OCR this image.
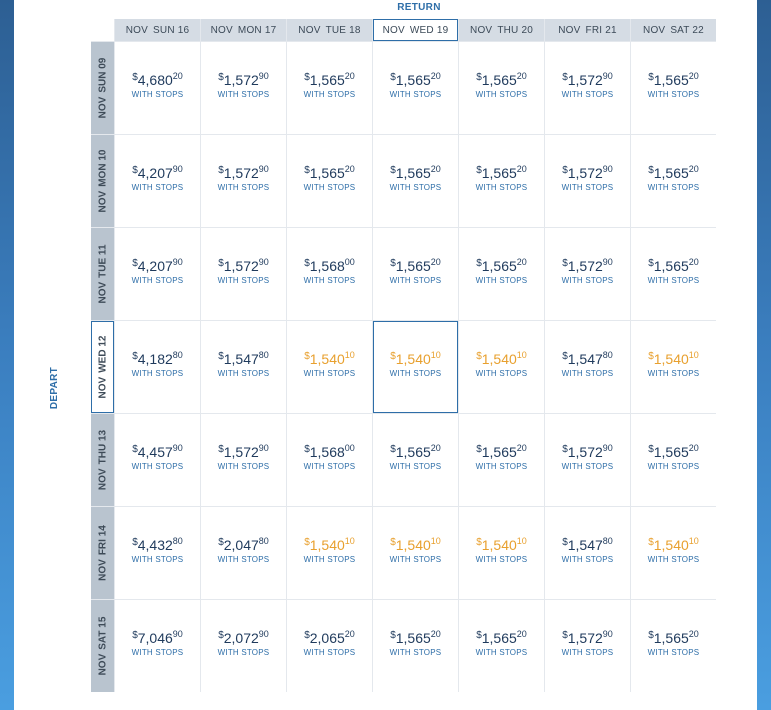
RETURN
DEPART
NOV SUN 16 NOV MON 17 NOV TUE 18 NOV WED 19 NOV THU 20	NOV FRI 21	NOV SAT 22
NOVSUN 09 $4,680$^{20}$
WITH STOPS
$1,572$^{90}$
WITH STOPS
$1,565$^{20}$
WITH STOPS
$1,565$^{20}$
WITH STOPS
$1,565$^{20}$
WITH STOPS
$1,572$^{90}$
WITH STOPS
$1,565$^{20}$
WITH STOPS
NOVMON 10 $4,207$^{90}$
WITH STOPS
$1,572$^{90}$
WITH STOPS
$1,565$^{20}$
WITH STOPS
$1,565$^{20}$
WITH STOPS
$1,565$^{20}$
WITH STOPS
$1,572$^{90}$
WITH STOPS
$1,565$^{20}$
WITH STOPS
NOVTUE 11 $4,207$^{90}$
WITH STOPS
$1,572$^{90}$
WITH STOPS
$1,568$^{00}$
WITH STOPS
$1,565$^{20}$
WITH STOPS
$1,565$^{20}$
WITH STOPS
$1,572$^{90}$
WITH STOPS
$1,565$^{20}$
WITH STOPS
NOVWED 12 $4,182$^{80}$
WITH STOPS
$1,547$^{80}$
WITH STOPS
$1,540$^{10}$
WITH STOPS
$1,540$^{10}$
WITH STOPS
$1,540$^{10}$
WITH STOPS
$1,547$^{80}$
WITH STOPS
$1,540$^{10}$
WITH STOPS
NOVTHU 13 $4,457$^{90}$
WITH STOPS
$1,572$^{90}$
WITH STOPS
$1,568$^{00}$
WITH STOPS
$1,565$^{20}$
WITH STOPS
$1,565$^{20}$
WITH STOPS
$1,572$^{90}$
WITH STOPS
$1,565$^{20}$
WITH STOPS
NOVFRI 14 $4,432$^{80}$
WITH STOPS
$2,047$^{80}$
WITH STOPS
$1,540$^{10}$
WITH STOPS
$1,540$^{10}$
WITH STOPS
$1,540$^{10}$
WITH STOPS
$1,547$^{80}$
WITH STOPS
$1,540$^{10}$
WITH STOPS
NOVSAT 15 $7,046$^{90}$
WITH STOPS
$2,072$^{90}$
WITH STOPS
$2,065$^{20}$
WITH STOPS
$1,565$^{20}$
WITH STOPS
$1,565$^{20}$
WITH STOPS
$1,572$^{90}$
WITH STOPS
$1,565$^{20}$
WITH STOPS
